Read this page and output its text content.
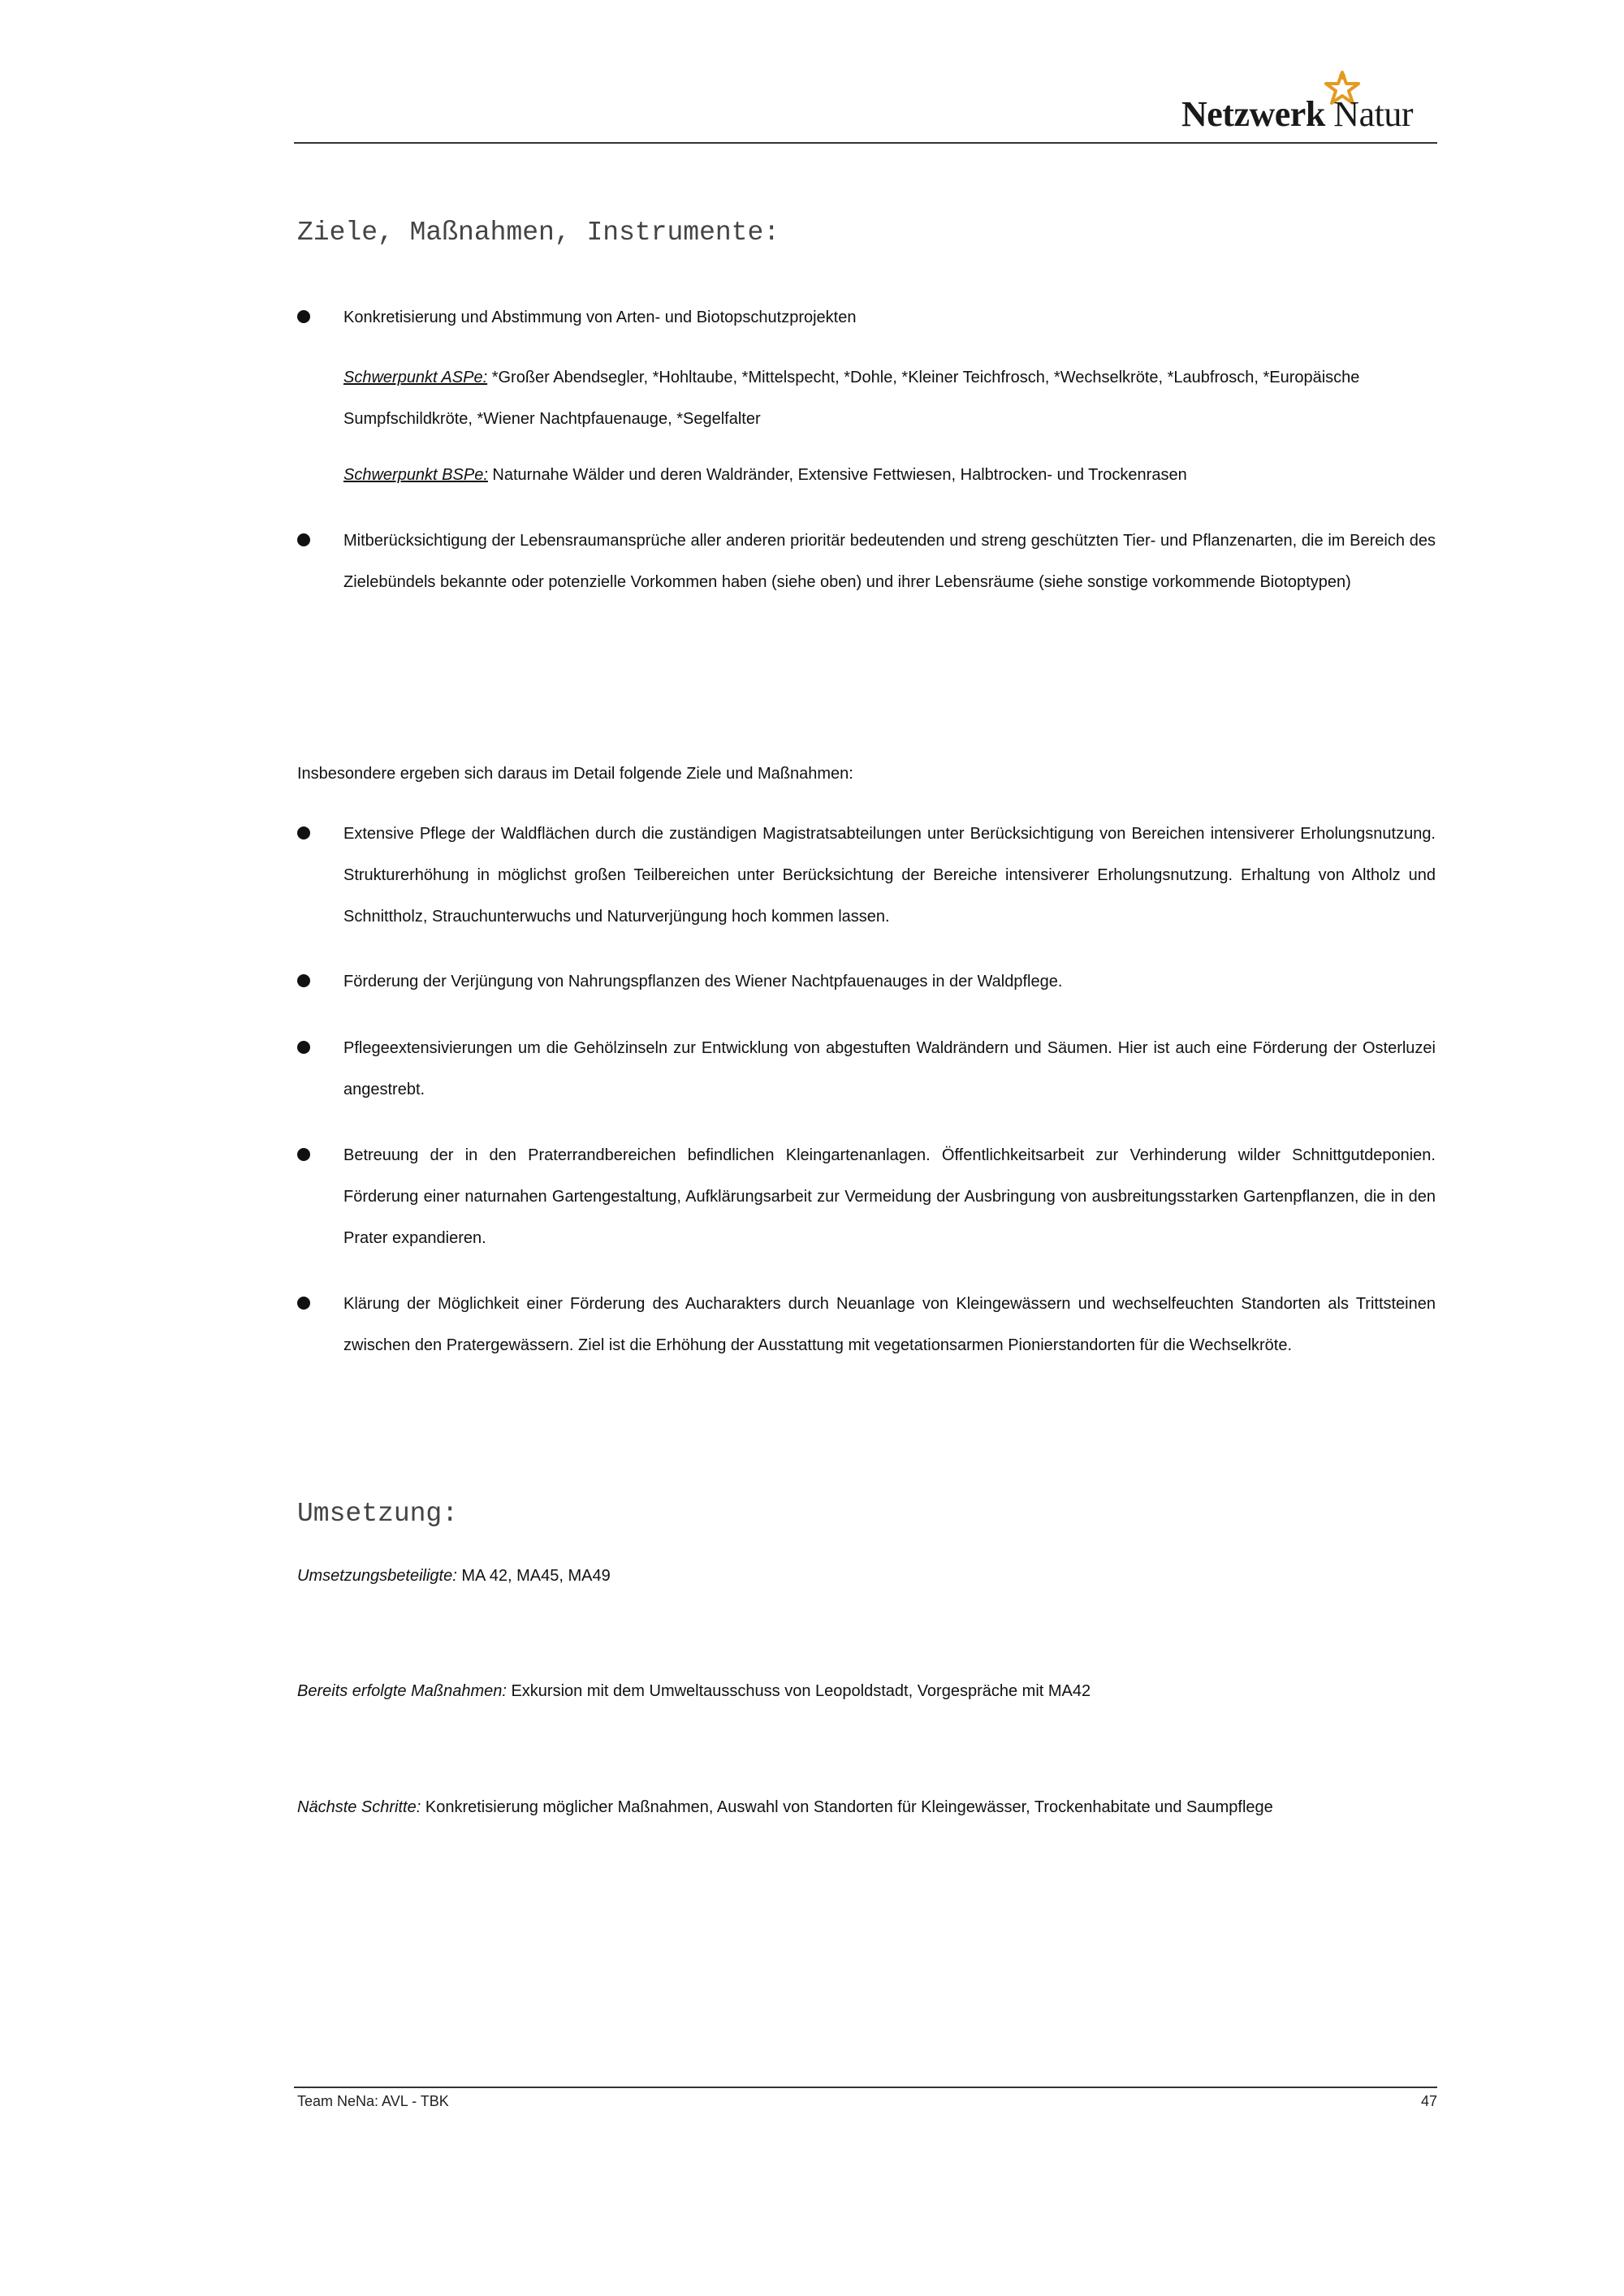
Netzwerk Natur
Ziele, Maßnahmen, Instrumente:
Konkretisierung und Abstimmung von Arten- und Biotopschutzprojekten
Schwerpunkt ASPe: *Großer Abendsegler, *Hohltaube, *Mittelspecht, *Dohle, *Kleiner Teichfrosch, *Wechselkröte, *Laubfrosch, *Europäische Sumpfschildkröte, *Wiener Nachtpfauenauge, *Segelfalter
Schwerpunkt BSPe: Naturnahe Wälder und deren Waldränder, Extensive Fettwiesen, Halbtrocken- und Trockenrasen
Mitberücksichtigung der Lebensraumansprüche aller anderen prioritär bedeutenden und streng geschützten Tier- und Pflanzenarten, die im Bereich des Zielebündels bekannte oder potenzielle Vorkommen haben (siehe oben) und ihrer Lebensräume (siehe sonstige vorkommende Biotoptypen)
Insbesondere ergeben sich daraus im Detail folgende Ziele und Maßnahmen:
Extensive Pflege der Waldflächen durch die zuständigen Magistratsabteilungen unter Berücksichtigung von Bereichen intensiverer Erholungsnutzung. Strukturerhöhung in möglichst großen Teilbereichen unter Berücksichtung der Bereiche intensiverer Erholungsnutzung. Erhaltung von Altholz und Schnittholz, Strauchunterwuchs und Naturverjüngung hoch kommen lassen.
Förderung der Verjüngung von Nahrungspflanzen des Wiener Nachtpfauenauges in der Waldpflege.
Pflegeextensivierungen um die Gehölzinseln zur Entwicklung von abgestuften Waldrändern und Säumen. Hier ist auch eine Förderung der Osterluzei angestrebt.
Betreuung der in den Praterrandbereichen befindlichen Kleingartenanlagen. Öffentlichkeitsarbeit zur Verhinderung wilder Schnittgutdeponien. Förderung einer naturnahen Gartengestaltung, Aufklärungsarbeit zur Vermeidung der Ausbringung von ausbreitungsstarken Gartenpflanzen, die in den Prater expandieren.
Klärung der Möglichkeit einer Förderung des Aucharakters durch Neuanlage von Kleingewässern und wechselfeuchten Standorten als Trittsteinen zwischen den Pratergewässern. Ziel ist die Erhöhung der Ausstattung mit vegetationsarmen Pionierstandorten für die Wechselkröte.
Umsetzung:
Umsetzungsbeteiligte: MA 42, MA45, MA49
Bereits erfolgte Maßnahmen: Exkursion mit dem Umweltausschuss von Leopoldstadt, Vorgespräche mit MA42
Nächste Schritte: Konkretisierung möglicher Maßnahmen, Auswahl von Standorten für Kleingewässer, Trockenhabitate und Saumpflege
Team NeNa: AVL - TBK	47
